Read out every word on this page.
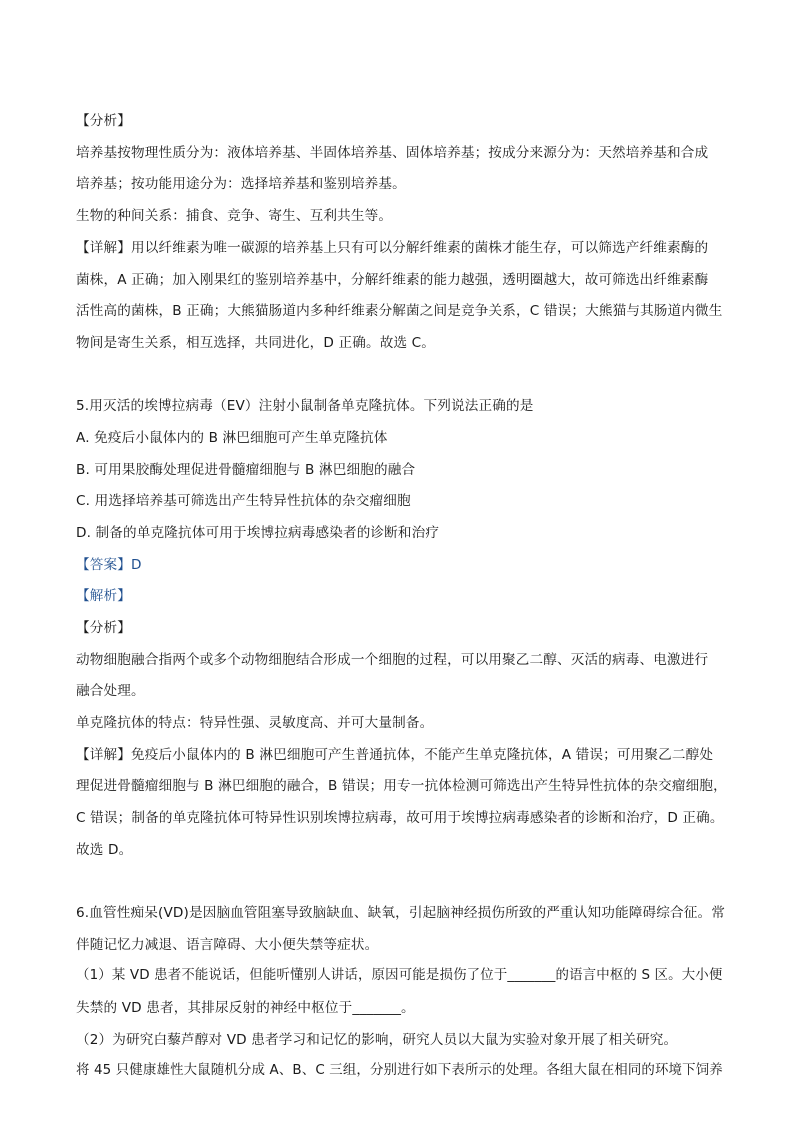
【分析】
培养基按物理性质分为：液体培养基、半固体培养基、固体培养基；按成分来源分为：天然培养基和合成
培养基；按功能用途分为：选择培养基和鉴别培养基。
生物的种间关系：捕食、竞争、寄生、互利共生等。
【详解】用以纤维素为唯一碳源的培养基上只有可以分解纤维素的菌株才能生存，可以筛选产纤维素酶的
菌株，A 正确；加入刚果红的鉴别培养基中，分解纤维素的能力越强，透明圈越大，故可筛选出纤维素酶
活性高的菌株，B 正确；大熊猫肠道内多种纤维素分解菌之间是竞争关系，C 错误；大熊猫与其肠道内微生
物间是寄生关系，相互选择，共同进化，D 正确。故选 C。
5.用灭活的埃博拉病毒（EV）注射小鼠制备单克隆抗体。下列说法正确的是
A. 免疫后小鼠体内的 B 淋巴细胞可产生单克隆抗体
B. 可用果胶酶处理促进骨髓瘤细胞与 B 淋巴细胞的融合
C. 用选择培养基可筛选出产生特异性抗体的杂交瘤细胞
D. 制备的单克隆抗体可用于埃博拉病毒感染者的诊断和治疗
【答案】D
【解析】
【分析】
动物细胞融合指两个或多个动物细胞结合形成一个细胞的过程，可以用聚乙二醇、灭活的病毒、电激进行
融合处理。
单克隆抗体的特点：特异性强、灵敏度高、并可大量制备。
【详解】免疫后小鼠体内的 B 淋巴细胞可产生普通抗体，不能产生单克隆抗体，A 错误；可用聚乙二醇处
理促进骨髓瘤细胞与 B 淋巴细胞的融合，B 错误；用专一抗体检测可筛选出产生特异性抗体的杂交瘤细胞，
C 错误；制备的单克隆抗体可特异性识别埃博拉病毒，故可用于埃博拉病毒感染者的诊断和治疗，D 正确。
故选 D。
6.血管性痴呆(VD)是因脑血管阻塞导致脑缺血、缺氧，引起脑神经损伤所致的严重认知功能障碍综合征。常
伴随记忆力减退、语言障碍、大小便失禁等症状。
（1）某 VD 患者不能说话，但能听懂别人讲话，原因可能是损伤了位于_______的语言中枢的 S 区。大小便
失禁的 VD 患者，其排尿反射的神经中枢位于_______。
（2）为研究白藜芦醇对 VD 患者学习和记忆的影响，研究人员以大鼠为实验对象开展了相关研究。
将 45 只健康雄性大鼠随机分成 A、B、C 三组，分别进行如下表所示的处理。各组大鼠在相同的环境下饲养
